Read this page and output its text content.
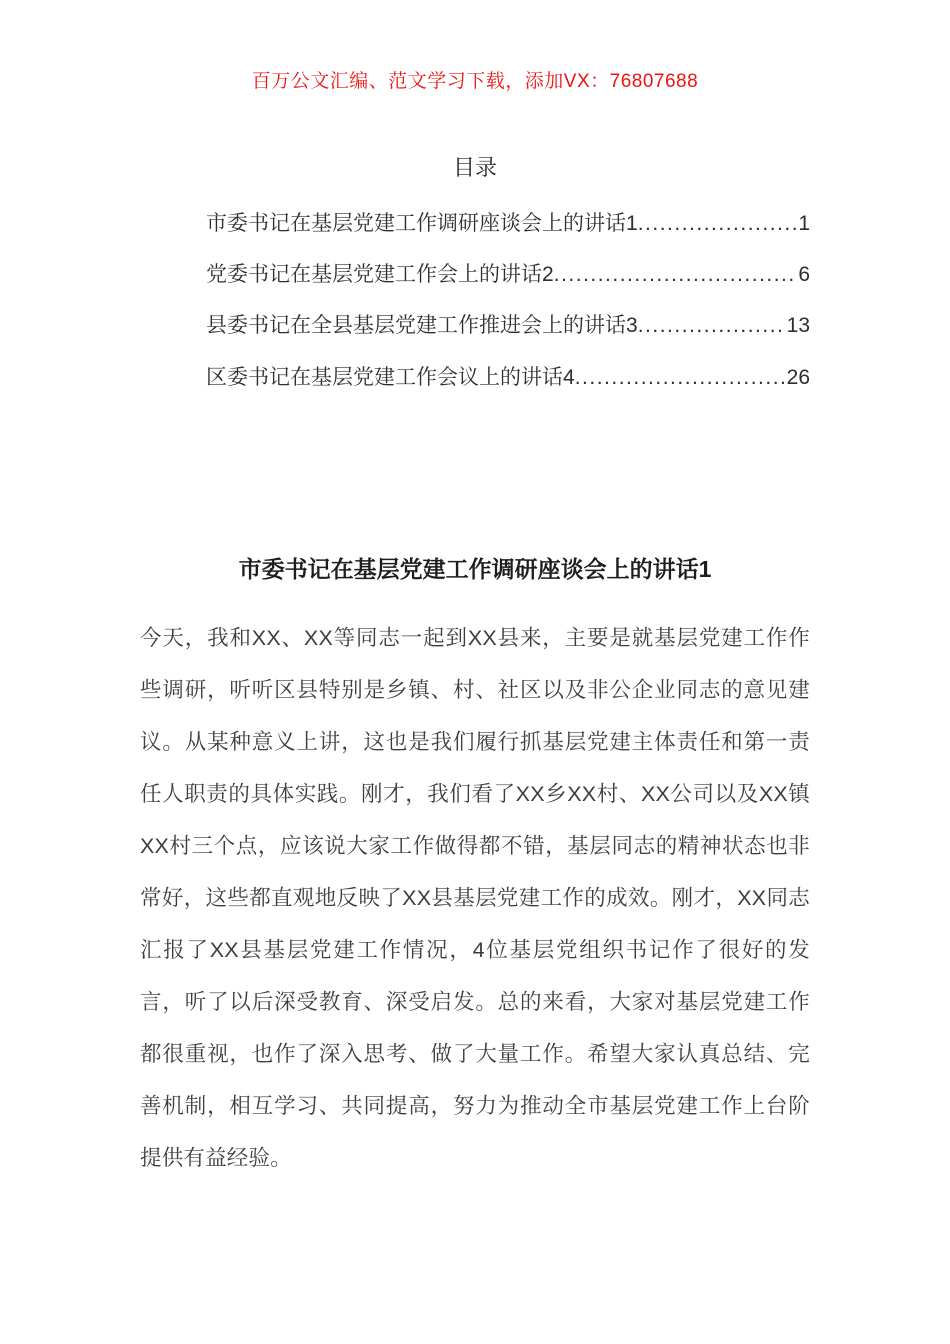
百万公文汇编、范文学习下载，添加VX：76807688
目录
市委书记在基层党建工作调研座谈会上的讲话1 .....	1
党委书记在基层党建工作会上的讲话2 .....	6
县委书记在全县基层党建工作推进会上的讲话3 .....	13
区委书记在基层党建工作会议上的讲话4 .....	26
市委书记在基层党建工作调研座谈会上的讲话1

今天，我和XX、XX等同志一起到XX县来，主要是就基层党建工作作些调研，听听区县特别是乡镇、村、社区以及非公企业同志的意见建议。从某种意义上讲，这也是我们履行抓基层党建主体责任和第一责任人职责的具体实践。刚才，我们看了XX乡XX村、XX公司以及XX镇XX村三个点，应该说大家工作做得都不错，基层同志的精神状态也非常好，这些都直观地反映了XX县基层党建工作的成效。刚才，XX同志汇报了XX县基层党建工作情况，4位基层党组织书记作了很好的发言，听了以后深受教育、深受启发。总的来看，大家对基层党建工作都很重视，也作了深入思考、做了大量工作。希望大家认真总结、完善机制，相互学习、共同提高，努力为推动全市基层党建工作上台阶提供有益经验。
